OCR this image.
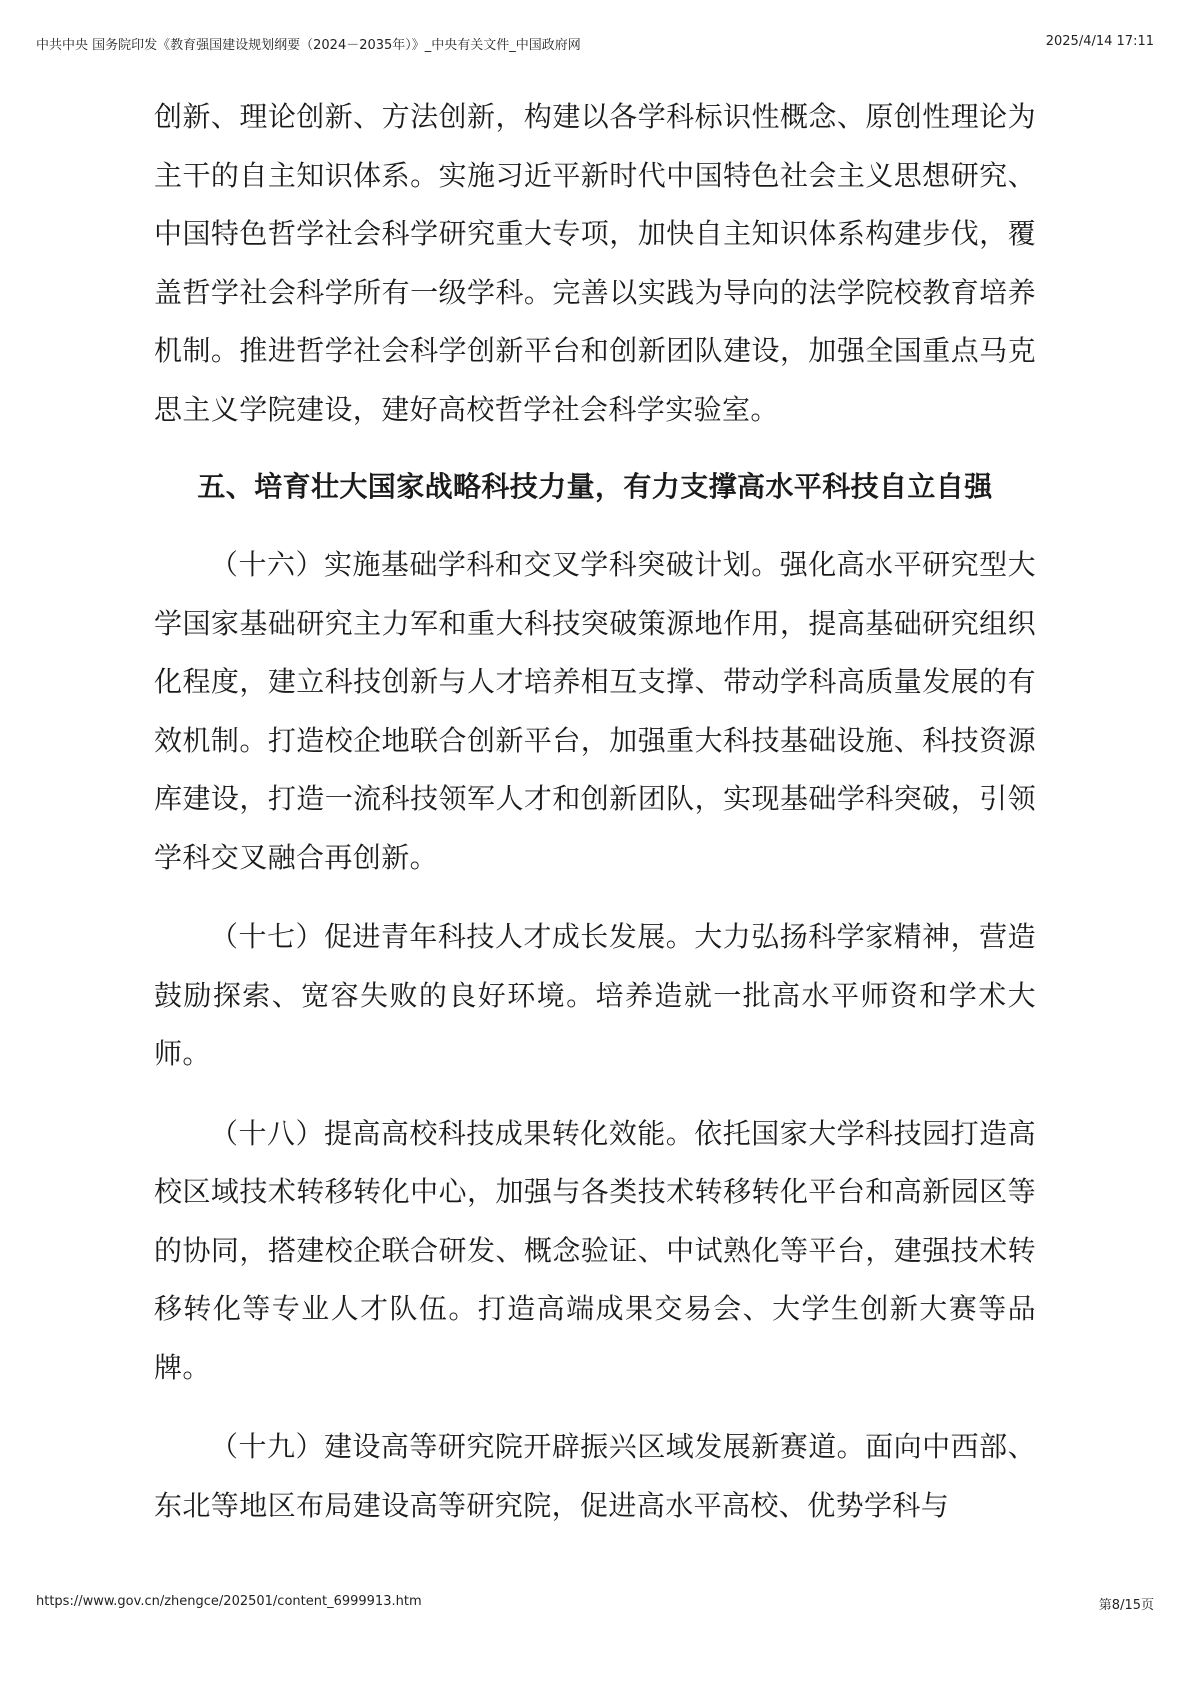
中共中央 国务院印发《教育强国建设规划纲要（2024－2035年）》_中央有关文件_中国政府网	2025/4/14 17:11

创新、理论创新、方法创新，构建以各学科标识性概念、原创性理论为主干的自主知识体系。实施习近平新时代中国特色社会主义思想研究、中国特色哲学社会科学研究重大专项，加快自主知识体系构建步伐，覆盖哲学社会科学所有一级学科。完善以实践为导向的法学院校教育培养机制。推进哲学社会科学创新平台和创新团队建设，加强全国重点马克思主义学院建设，建好高校哲学社会科学实验室。

五、培育壮大国家战略科技力量，有力支撑高水平科技自立自强

（十六）实施基础学科和交叉学科突破计划。强化高水平研究型大学国家基础研究主力军和重大科技突破策源地作用，提高基础研究组织化程度，建立科技创新与人才培养相互支撑、带动学科高质量发展的有效机制。打造校企地联合创新平台，加强重大科技基础设施、科技资源库建设，打造一流科技领军人才和创新团队，实现基础学科突破，引领学科交叉融合再创新。

（十七）促进青年科技人才成长发展。大力弘扬科学家精神，营造鼓励探索、宽容失败的良好环境。培养造就一批高水平师资和学术大师。

（十八）提高高校科技成果转化效能。依托国家大学科技园打造高校区域技术转移转化中心，加强与各类技术转移转化平台和高新园区等的协同，搭建校企联合研发、概念验证、中试熟化等平台，建强技术转移转化等专业人才队伍。打造高端成果交易会、大学生创新大赛等品牌。

（十九）建设高等研究院开辟振兴区域发展新赛道。面向中西部、东北等地区布局建设高等研究院，促进高水平高校、优势学科与

https://www.gov.cn/zhengce/202501/content_6999913.htm	第8/15页
